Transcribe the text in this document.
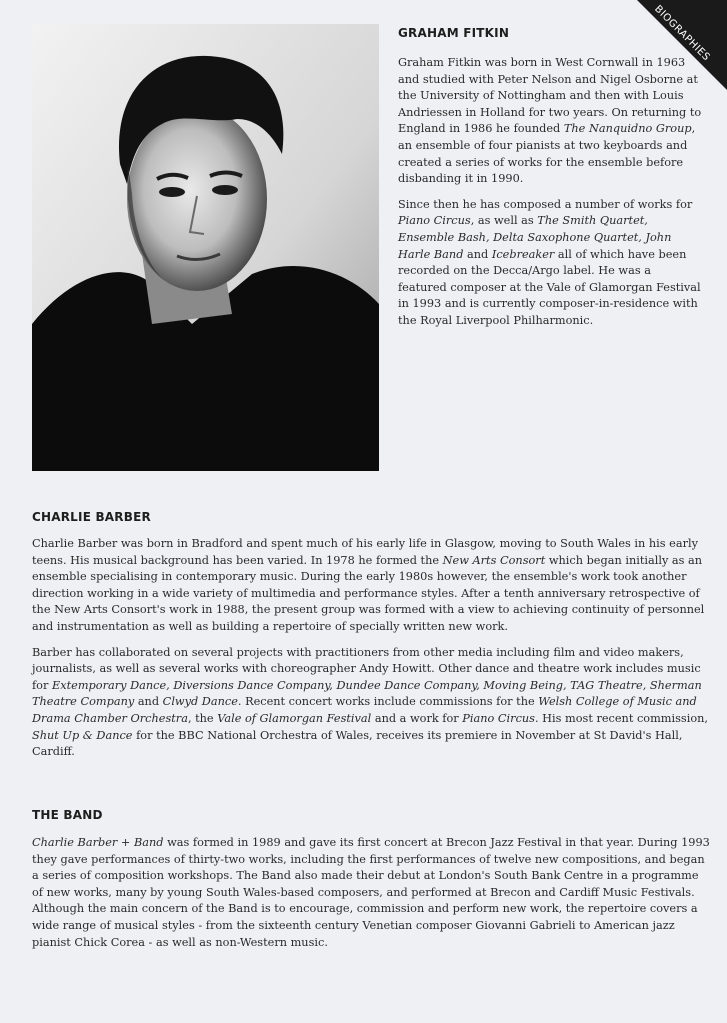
BIOGRAPHIES
GRAHAM FITKIN

Graham Fitkin was born in West Cornwall in 1963 and studied with Peter Nelson and Nigel Osborne at the University of Nottingham and then with Louis Andriessen in Holland for two years. On returning to England in 1986 he founded The Nanquidno Group, an ensemble of four pianists at two keyboards and created a series of works for the ensemble before disbanding it in 1990.

Since then he has composed a number of works for Piano Circus, as well as The Smith Quartet, Ensemble Bash, Delta Saxophone Quartet, John Harle Band and Icebreaker all of which have been recorded on the Decca/Argo label. He was a featured composer at the Vale of Glamorgan Festival in 1993 and is currently composer-in-residence with the Royal Liverpool Philharmonic.

CHARLIE BARBER

Charlie Barber was born in Bradford and spent much of his early life in Glasgow, moving to South Wales in his early teens. His musical background has been varied. In 1978 he formed the New Arts Consort which began initially as an ensemble specialising in contemporary music. During the early 1980s however, the ensemble's work took another direction working in a wide variety of multimedia and performance styles. After a tenth anniversary retrospective of the New Arts Consort's work in 1988, the present group was formed with a view to achieving continuity of personnel and instrumentation as well as building a repertoire of specially written new work.

Barber has collaborated on several projects with practitioners from other media including film and video makers, journalists, as well as several works with choreographer Andy Howitt. Other dance and theatre work includes music for Extemporary Dance, Diversions Dance Company, Dundee Dance Company, Moving Being, TAG Theatre, Sherman Theatre Company and Clwyd Dance. Recent concert works include commissions for the Welsh College of Music and Drama Chamber Orchestra, the Vale of Glamorgan Festival and a work for Piano Circus. His most recent commission, Shut Up & Dance for the BBC National Orchestra of Wales, receives its premiere in November at St David's Hall, Cardiff.

THE BAND

Charlie Barber + Band was formed in 1989 and gave its first concert at Brecon Jazz Festival in that year. During 1993 they gave performances of thirty-two works, including the first performances of twelve new compositions, and began a series of composition workshops. The Band also made their debut at London's South Bank Centre in a programme of new works, many by young South Wales-based composers, and performed at Brecon and Cardiff Music Festivals. Although the main concern of the Band is to encourage, commission and perform new work, the repertoire covers a wide range of musical styles - from the sixteenth century Venetian composer Giovanni Gabrieli to American jazz pianist Chick Corea - as well as non-Western music.
